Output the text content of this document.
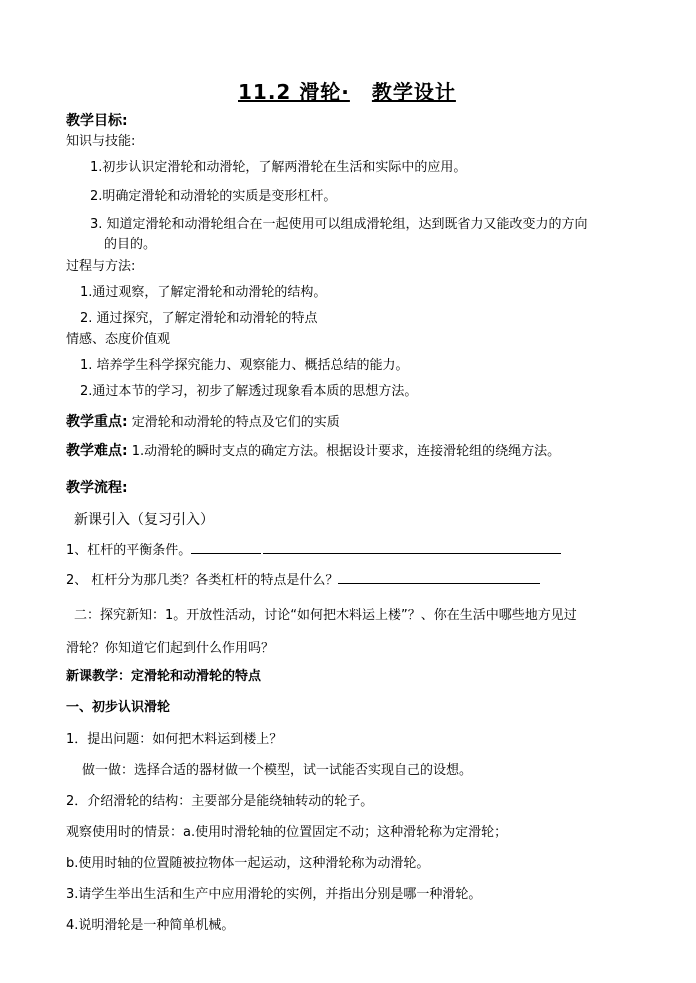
11.2 滑轮· 教学设计
教学目标:
知识与技能:
1.初步认识定滑轮和动滑轮，了解两滑轮在生活和实际中的应用。
2.明确定滑轮和动滑轮的实质是变形杠杆。
3. 知道定滑轮和动滑轮组合在一起使用可以组成滑轮组，达到既省力又能改变力的方向
的目的。
过程与方法:
1.通过观察，了解定滑轮和动滑轮的结构。
2. 通过探究，了解定滑轮和动滑轮的特点
情感、态度价值观
1. 培养学生科学探究能力、观察能力、概括总结的能力。
2.通过本节的学习，初步了解透过现象看本质的思想方法。
教学重点: 定滑轮和动滑轮的特点及它们的实质
教学难点: 1.动滑轮的瞬时支点的确定方法。根据设计要求，连接滑轮组的绕绳方法。
教学流程:
新课引入（复习引入）
1、杠杆的平衡条件。
2、 杠杆分为那几类？各类杠杆的特点是什么？
二：探究新知：1。开放性活动，讨论“如何把木料运上楼”？、你在生活中哪些地方见过
滑轮？你知道它们起到什么作用吗？
新课教学：定滑轮和动滑轮的特点
一、初步认识滑轮
1．提出问题：如何把木料运到楼上？
做一做：选择合适的器材做一个模型，试一试能否实现自己的设想。
2．介绍滑轮的结构：主要部分是能绕轴转动的轮子。
观察使用时的情景：a.使用时滑轮轴的位置固定不动；这种滑轮称为定滑轮；
b.使用时轴的位置随被拉物体一起运动，这种滑轮称为动滑轮。
3.请学生举出生活和生产中应用滑轮的实例，并指出分别是哪一种滑轮。
4.说明滑轮是一种简单机械。
